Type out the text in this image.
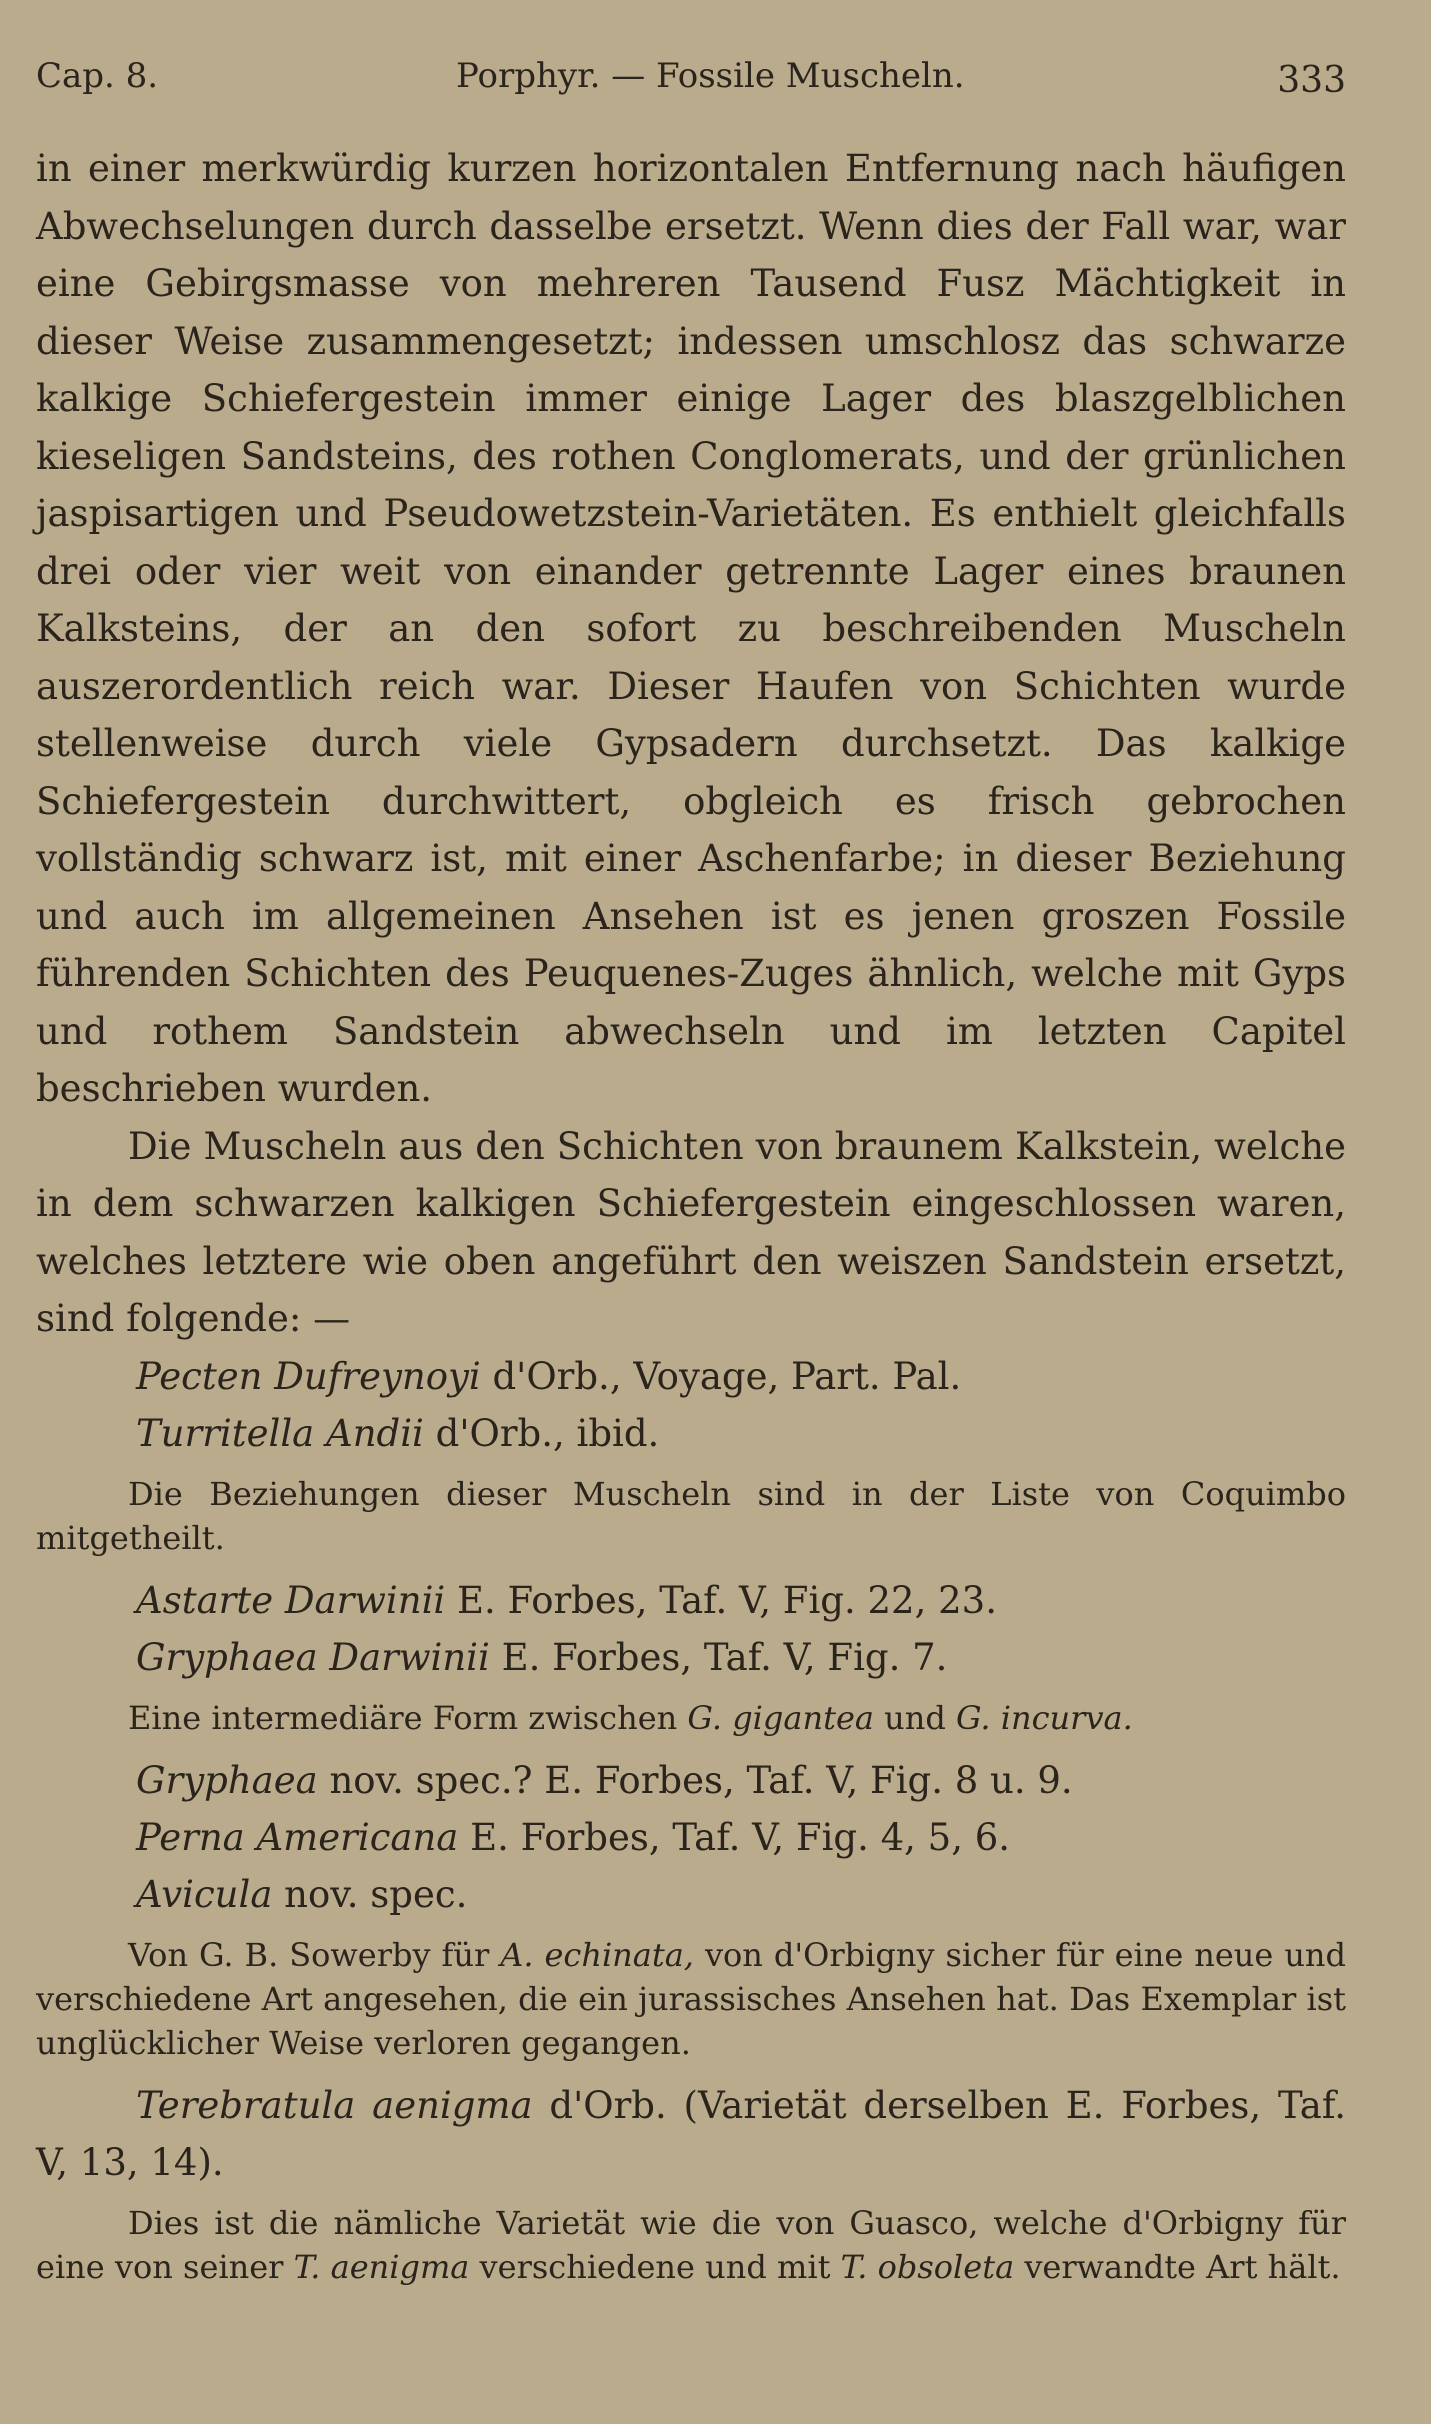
Cap. 8.	Porphyr. — Fossile Muscheln.	333

in einer merkwürdig kurzen horizontalen Entfernung nach häufigen Abwechselungen durch dasselbe ersetzt. Wenn dies der Fall war, war eine Gebirgsmasse von mehreren Tausend Fusz Mächtigkeit in dieser Weise zusammengesetzt; indessen umschlosz das schwarze kalkige Schiefergestein immer einige Lager des blaszgelblichen kieseligen Sandsteins, des rothen Conglomerats, und der grünlichen jaspisartigen und Pseudowetzstein-Varietäten. Es enthielt gleichfalls drei oder vier weit von einander getrennte Lager eines braunen Kalksteins, der an den sofort zu beschreibenden Muscheln auszerordentlich reich war. Dieser Haufen von Schichten wurde stellenweise durch viele Gypsadern durchsetzt. Das kalkige Schiefergestein durchwittert, obgleich es frisch gebrochen vollständig schwarz ist, mit einer Aschenfarbe; in dieser Beziehung und auch im allgemeinen Ansehen ist es jenen groszen Fossile führenden Schichten des Peuquenes-Zuges ähnlich, welche mit Gyps und rothem Sandstein abwechseln und im letzten Capitel beschrieben wurden.

Die Muscheln aus den Schichten von braunem Kalkstein, welche in dem schwarzen kalkigen Schiefergestein eingeschlossen waren, welches letztere wie oben angeführt den weiszen Sandstein ersetzt, sind folgende: —

Pecten Dufreynoyi d'Orb., Voyage, Part. Pal.

Turritella Andii d'Orb., ibid.

Die Beziehungen dieser Muscheln sind in der Liste von Coquimbo mitgetheilt.

Astarte Darwinii E. Forbes, Taf. V, Fig. 22, 23.

Gryphaea Darwinii E. Forbes, Taf. V, Fig. 7.

Eine intermediäre Form zwischen G. gigantea und G. incurva.

Gryphaea nov. spec.? E. Forbes, Taf. V, Fig. 8 u. 9.

Perna Americana E. Forbes, Taf. V, Fig. 4, 5, 6.

Avicula nov. spec.

Von G. B. Sowerby für A. echinata, von d'Orbigny sicher für eine neue und verschiedene Art angesehen, die ein jurassisches Ansehen hat. Das Exemplar ist unglücklicher Weise verloren gegangen.

Terebratula aenigma d'Orb. (Varietät derselben E. Forbes, Taf. V, 13, 14).

Dies ist die nämliche Varietät wie die von Guasco, welche d'Orbigny für eine von seiner T. aenigma verschiedene und mit T. obsoleta verwandte Art hält.
